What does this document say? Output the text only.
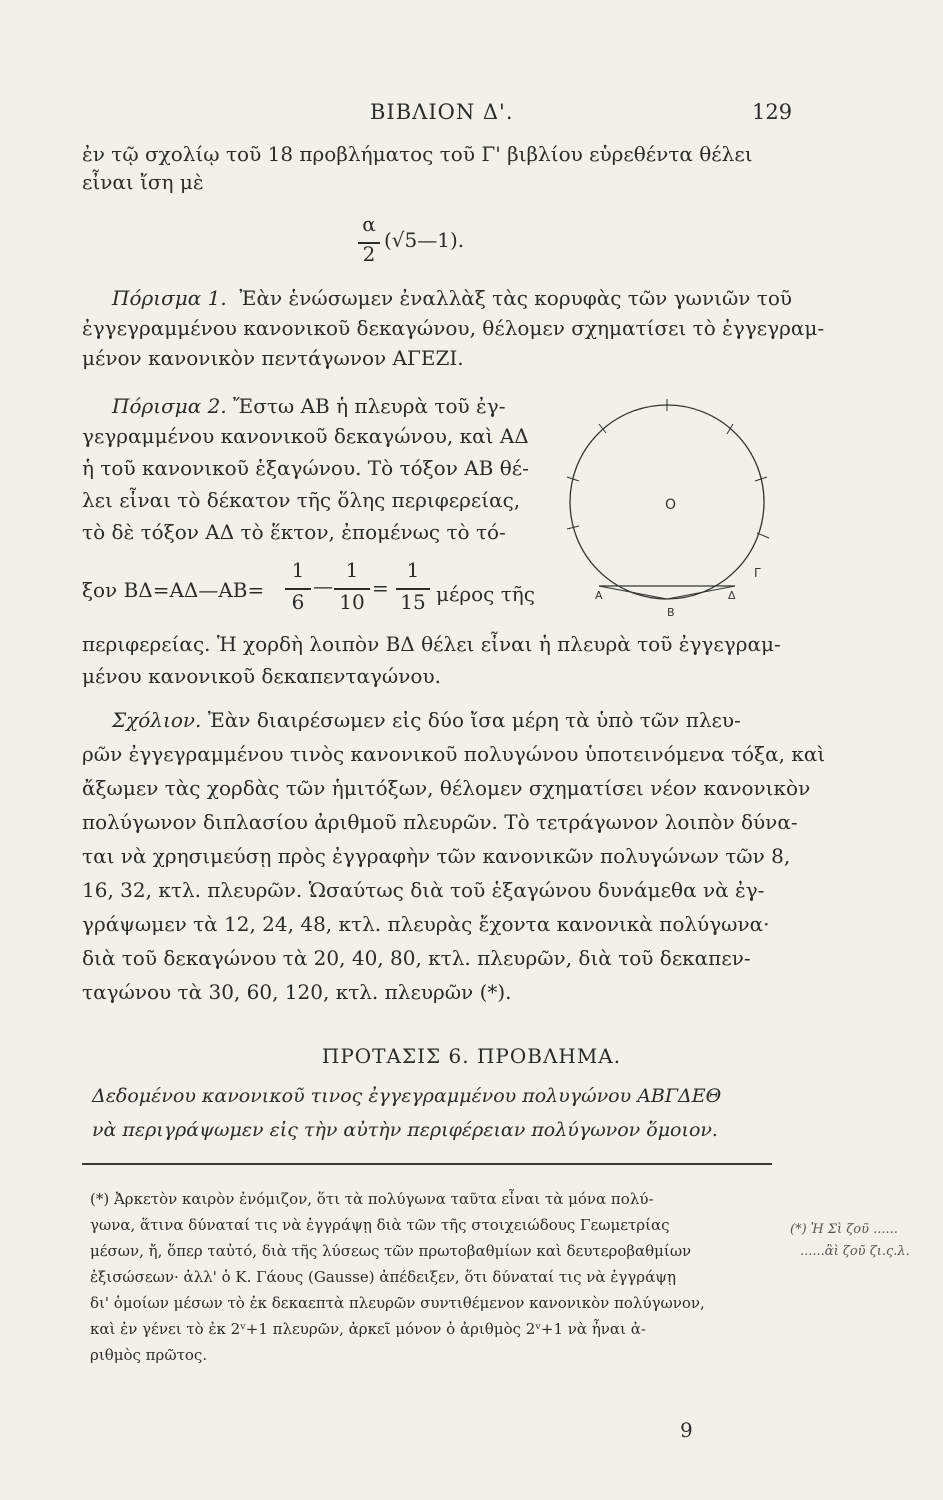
ΒΙΒΛΙΟΝ Δ'.	129
ἐν τῷ σχολίῳ τοῦ 18 προβλήματος τοῦ Γ' βιβλίου εὑρεθέντα θέλει
εἶναι ἴση μὲ
α
2
(√5—1).
Πόρισμα 1. Ἐὰν ἑνώσωμεν ἐναλλὰξ τὰς κορυφὰς τῶν γωνιῶν τοῦ
ἐγγεγραμμένου κανονικοῦ δεκαγώνου, θέλομεν σχηματίσει τὸ ἐγγεγραμ-
μένον κανονικὸν πεντάγωνον ΑΓΕΖΙ.
Πόρισμα 2. Ἔστω ΑΒ ἡ πλευρὰ τοῦ ἐγ-
γεγραμμένου κανονικοῦ δεκαγώνου, καὶ ΑΔ
ἡ τοῦ κανονικοῦ ἑξαγώνου. Τὸ τόξον ΑΒ θέ-
λει εἶναι τὸ δέκατον τῆς ὅλης περιφερείας,
τὸ δὲ τόξον ΑΔ τὸ ἕκτον, ἐπομένως τὸ τό-
ξον ΒΔ=ΑΔ—ΑΒ=
1
6
—
1
10
=
1
15 μέρος τῆς
περιφερείας. Ἡ χορδὴ λοιπὸν ΒΔ θέλει εἶναι ἡ πλευρὰ τοῦ ἐγγεγραμ-
μένου κανονικοῦ δεκαπενταγώνου.
Ο
Α
Β
Γ
Δ
Σχόλιον. Ἐὰν διαιρέσωμεν εἰς δύο ἴσα μέρη τὰ ὑπὸ τῶν πλευ-
ρῶν ἐγγεγραμμένου τινὸς κανονικοῦ πολυγώνου ὑποτεινόμενα τόξα, καὶ
ἄξωμεν τὰς χορδὰς τῶν ἡμιτόξων, θέλομεν σχηματίσει νέον κανονικὸν
πολύγωνον διπλασίου ἀριθμοῦ πλευρῶν. Τὸ τετράγωνον λοιπὸν δύνα-
ται νὰ χρησιμεύσῃ πρὸς ἐγγραφὴν τῶν κανονικῶν πολυγώνων τῶν 8,
16, 32, κτλ. πλευρῶν. Ὡσαύτως διὰ τοῦ ἑξαγώνου δυνάμεθα νὰ ἐγ-
γράψωμεν τὰ 12, 24, 48, κτλ. πλευρὰς ἔχοντα κανονικὰ πολύγωνα·
διὰ τοῦ δεκαγώνου τὰ 20, 40, 80, κτλ. πλευρῶν, διὰ τοῦ δεκαπεν-
ταγώνου τὰ 30, 60, 120, κτλ. πλευρῶν (*).
ΠΡΟΤΑΣΙΣ 6. ΠΡΟΒΛΗΜΑ.
Δεδομένου κανονικοῦ τινος ἐγγεγραμμένου πολυγώνου ΑΒΓΔΕΘ
νὰ περιγράψωμεν εἰς τὴν αὐτὴν περιφέρειαν πολύγωνον ὅμοιον.
(*) Ἀρκετὸν καιρὸν ἐνόμιζον, ὅτι τὰ πολύγωνα ταῦτα εἶναι τὰ μόνα πολύ-
γωνα, ἅτινα δύναταί τις νὰ ἐγγράψῃ διὰ τῶν τῆς στοιχειώδους Γεωμετρίας
μέσων, ἤ, ὅπερ ταὐτό, διὰ τῆς λύσεως τῶν πρωτοβαθμίων καὶ δευτεροβαθμίων
ἐξισώσεων· ἀλλ' ὁ Κ. Γάους (Gausse) ἀπέδειξεν, ὅτι δύναταί τις νὰ ἐγγράψῃ
δι' ὁμοίων μέσων τὸ ἐκ δεκαεπτὰ πλευρῶν συντιθέμενον κανονικὸν πολύγωνον,
καὶ ἐν γένει τὸ ἐκ 2ᵛ+1 πλευρῶν, ἀρκεῖ μόνον ὁ ἀριθμὸς 2ᵛ+1 νὰ ἦναι ἀ-
ριθμὸς πρῶτος.
(*) Ἡ Σὶ ζοῦ ......
......ἂὶ ζοῦ ζι.ς.λ.
9
